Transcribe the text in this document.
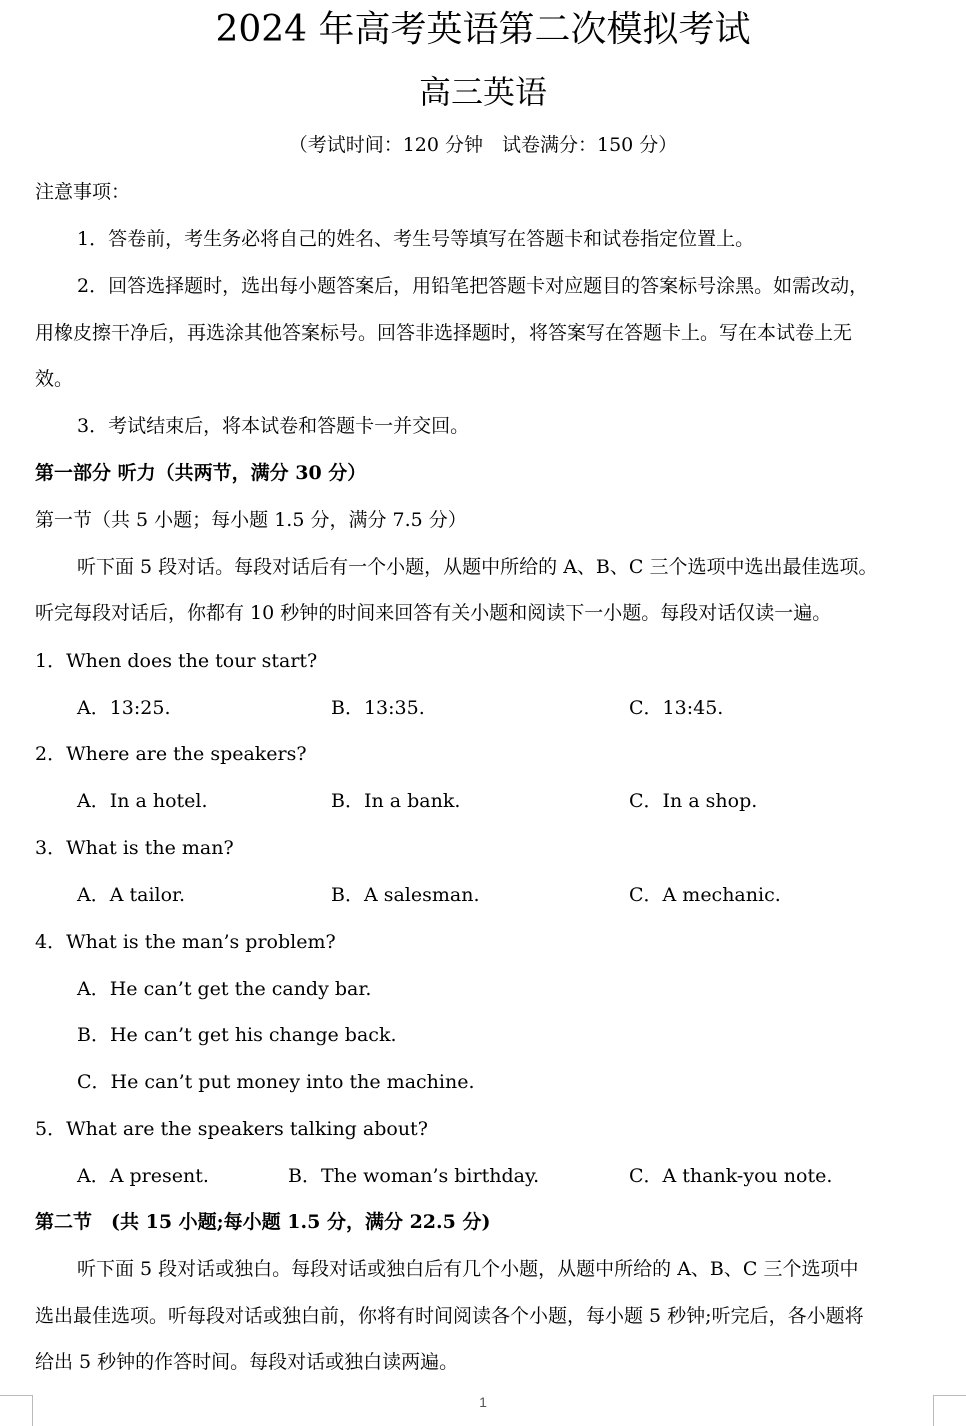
2024 年高考英语第二次模拟考试
高三英语
（考试时间：120 分钟　试卷满分：150 分）
注意事项：
1．答卷前，考生务必将自己的姓名、考生号等填写在答题卡和试卷指定位置上。
2．回答选择题时，选出每小题答案后，用铅笔把答题卡对应题目的答案标号涂黑。如需改动，
用橡皮擦干净后，再选涂其他答案标号。回答非选择题时，将答案写在答题卡上。写在本试卷上无
效。
3．考试结束后，将本试卷和答题卡一并交回。
第一部分 听力（共两节，满分 30 分）
第一节（共 5 小题；每小题 1.5 分，满分 7.5 分）
听下面 5 段对话。每段对话后有一个小题，从题中所给的 A、B、C 三个选项中选出最佳选项。
听完每段对话后，你都有 10 秒钟的时间来回答有关小题和阅读下一小题。每段对话仅读一遍。
1．When does the tour start?
A．13:25.	B．13:35.	C．13:45.
2．Where are the speakers?
A．In a hotel.	B．In a bank.	C．In a shop.
3．What is the man?
A．A tailor.	B．A salesman.	C．A mechanic.
4．What is the man’s problem?
A．He can’t get the candy bar.
B．He can’t get his change back.
C．He can’t put money into the machine.
5．What are the speakers talking about?
A．A present.	B．The woman’s birthday.	C．A thank-you note.
第二节　(共 15 小题;每小题 1.5 分，满分 22.5 分)
听下面 5 段对话或独白。每段对话或独白后有几个小题，从题中所给的 A、B、C 三个选项中
选出最佳选项。听每段对话或独白前，你将有时间阅读各个小题，每小题 5 秒钟;听完后，各小题将
给出 5 秒钟的作答时间。每段对话或独白读两遍。
1
